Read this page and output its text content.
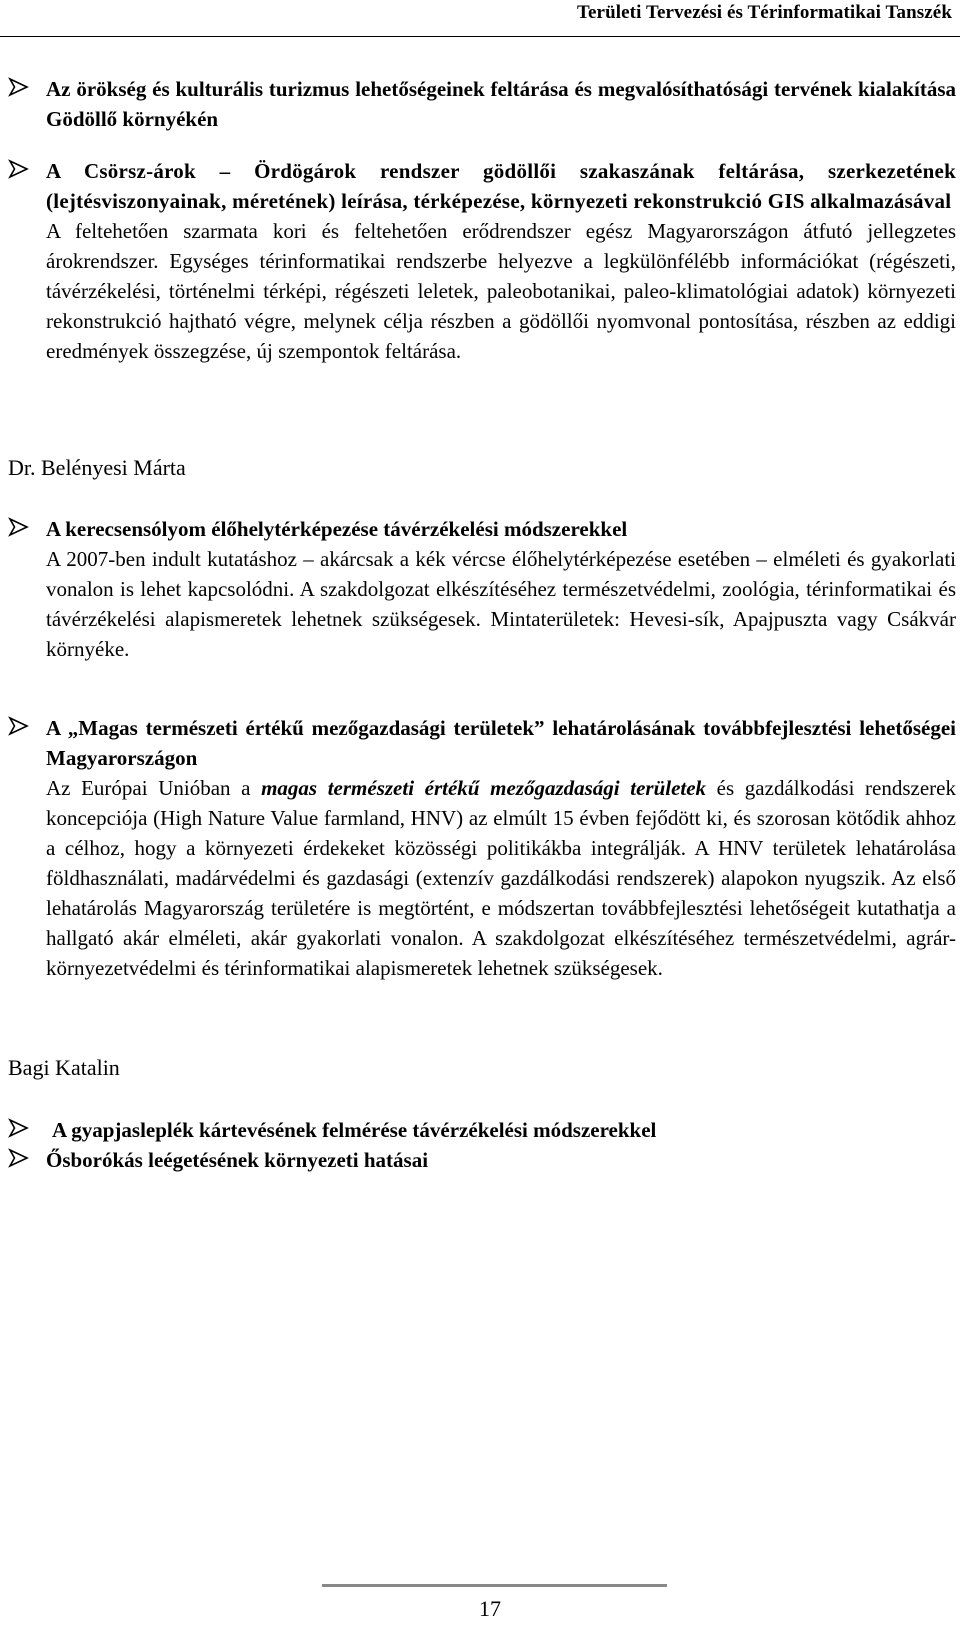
Területi Tervezési és Térinformatikai Tanszék
Az örökség és kulturális turizmus lehetőségeinek feltárása és megvalósíthatósági tervének kialakítása Gödöllő környékén
A Csörsz-árok – Ördögárok rendszer gödöllői szakaszának feltárása, szerkezetének (lejtésviszonyainak, méretének) leírása, térképezése, környezeti rekonstrukció GIS alkalmazásával
A feltehetően szarmata kori és feltehetően erődrendszer egész Magyarországon átfutó jellegzetes árokrendszer. Egységes térinformatikai rendszerbe helyezve a legkülönfélébb információkat (régészeti, távérzékelési, történelmi térképi, régészeti leletek, paleobotanikai, paleo-klimatológiai adatok) környezeti rekonstrukció hajtható végre, melynek célja részben a gödöllői nyomvonal pontosítása, részben az eddigi eredmények összegzése, új szempontok feltárása.
Dr. Belényesi Márta
A kerecsensólyom élőhelytérképezése távérzékelési módszerekkel
A 2007-ben indult kutatáshoz – akárcsak a kék vércse élőhelytérképezése esetében – elméleti és gyakorlati vonalon is lehet kapcsolódni. A szakdolgozat elkészítéséhez természetvédelmi, zoológia, térinformatikai és távérzékelési alapismeretek lehetnek szükségesek. Mintaterületek: Hevesi-sík, Apajpuszta vagy Csákvár környéke.
A „Magas természeti értékű mezőgazdasági területek” lehatárolásának továbbfejlesztési lehetőségei Magyarországon
Az Európai Unióban a magas természeti értékű mezőgazdasági területek és gazdálkodási rendszerek koncepciója (High Nature Value farmland, HNV) az elmúlt 15 évben fejődött ki, és szorosan kötődik ahhoz a célhoz, hogy a környezeti érdekeket közösségi politikákba integrálják. A HNV területek lehatárolása földhasználati, madárvédelmi és gazdasági (extenzív gazdálkodási rendszerek) alapokon nyugszik. Az első lehatárolás Magyarország területére is megtörtént, e módszertan továbbfejlesztési lehetőségeit kutathatja a hallgató akár elméleti, akár gyakorlati vonalon. A szakdolgozat elkészítéséhez természetvédelmi, agrár-környezetvédelmi és térinformatikai alapismeretek lehetnek szükségesek.
Bagi Katalin
A gyapjasleplék kártevésének felmérése távérzékelési módszerekkel
Ősborókás leégetésének környezeti hatásai
17
